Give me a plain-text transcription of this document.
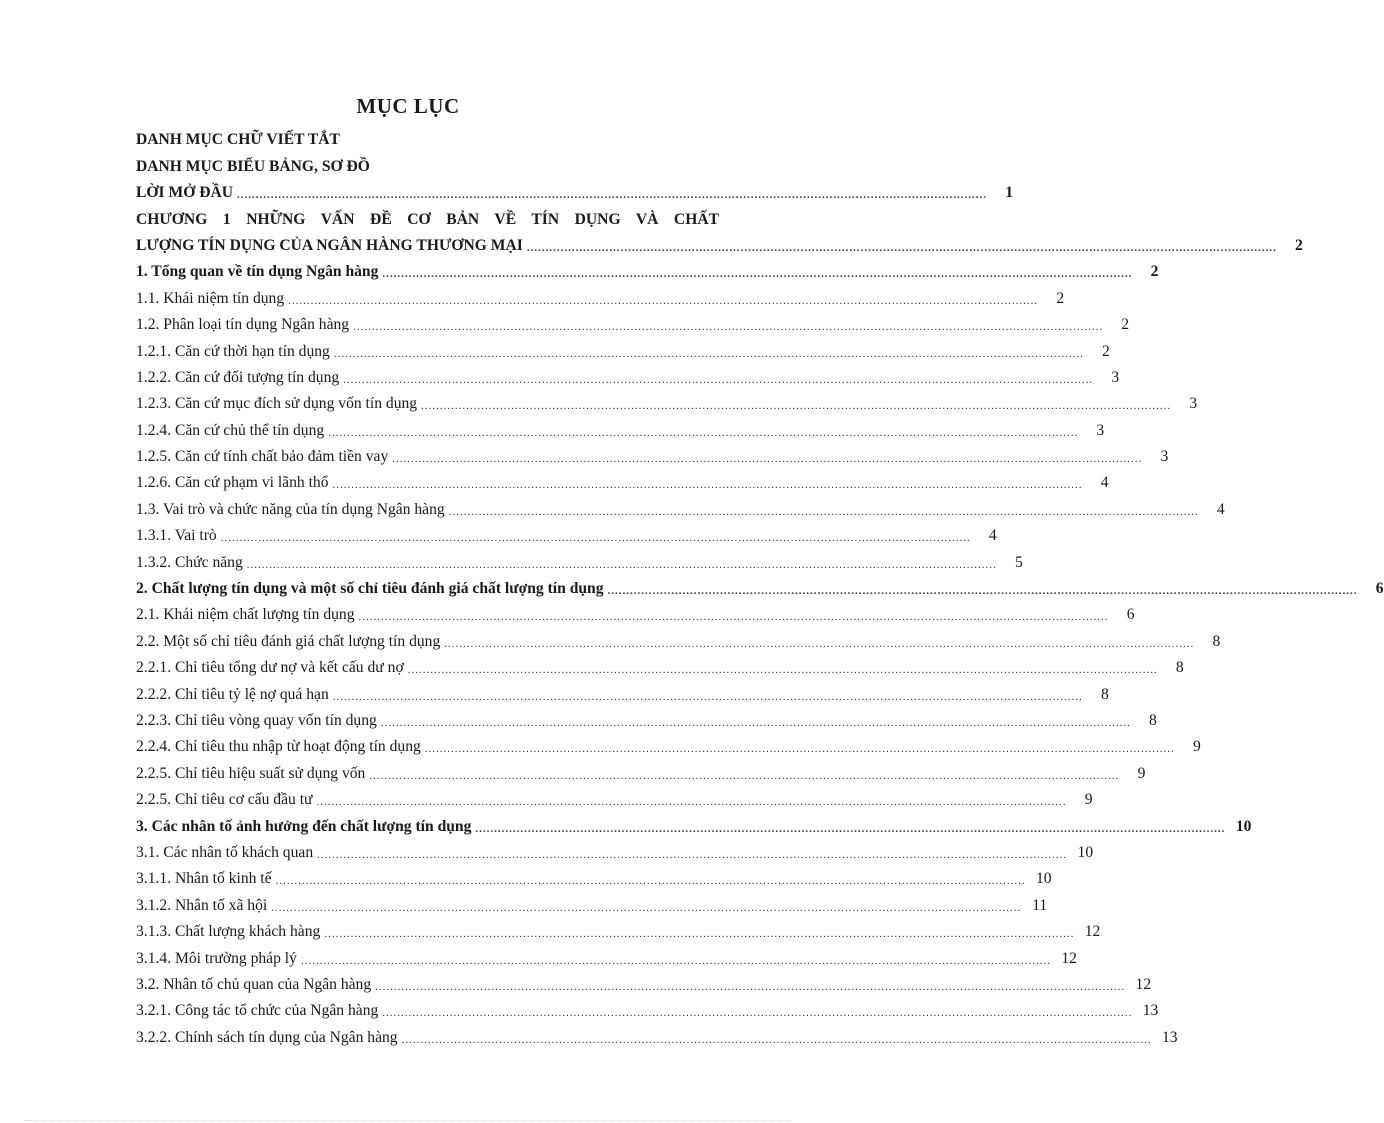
MỤC LỤC
DANH MỤC CHỮ VIẾT TẮT
DANH MỤC BIỂU BẢNG, SƠ ĐỒ
LỜI MỞ ĐẦU ........................................................................................................................................................................................................	1
CHƯƠNG 1 NHỮNG VẤN ĐỀ CƠ BẢN VỀ TÍN DỤNG VÀ CHẤT
LƯỢNG TÍN DỤNG CỦA NGÂN HÀNG THƯƠNG MẠI ........................................................................................................................................................................................................	2
1. Tổng quan về tín dụng Ngân hàng ........................................................................................................................................................................................................	2
1.1. Khái niệm tín dụng ........................................................................................................................................................................................................	2
1.2. Phân loại tín dụng Ngân hàng ........................................................................................................................................................................................................	2
1.2.1. Căn cứ thời hạn tín dụng ........................................................................................................................................................................................................	2
1.2.2. Căn cứ đối tượng tín dụng ........................................................................................................................................................................................................	3
1.2.3. Căn cứ mục đích sử dụng vốn tín dụng ........................................................................................................................................................................................................	3
1.2.4. Căn cứ chủ thể tín dụng ........................................................................................................................................................................................................	3
1.2.5. Căn cứ tính chất bảo đảm tiền vay ........................................................................................................................................................................................................	3
1.2.6. Căn cứ phạm vi lãnh thổ ........................................................................................................................................................................................................	4
1.3. Vai trò và chức năng của tín dụng Ngân hàng ........................................................................................................................................................................................................	4
1.3.1. Vai trò ........................................................................................................................................................................................................	4
1.3.2. Chức năng ........................................................................................................................................................................................................	5
2. Chất lượng tín dụng và một số chỉ tiêu đánh giá chất lượng tín dụng ........................................................................................................................................................................................................	6
2.1. Khái niệm chất lượng tín dụng ........................................................................................................................................................................................................	6
2.2. Một số chỉ tiêu đánh giá chất lượng tín dụng ........................................................................................................................................................................................................	8
2.2.1. Chỉ tiêu tổng dư nợ và kết cấu dư nợ ........................................................................................................................................................................................................	8
2.2.2. Chỉ tiêu tỷ lệ nợ quá hạn ........................................................................................................................................................................................................	8
2.2.3. Chỉ tiêu vòng quay vốn tín dụng ........................................................................................................................................................................................................	8
2.2.4. Chỉ tiêu thu nhập từ hoạt động tín dụng ........................................................................................................................................................................................................	9
2.2.5. Chỉ tiêu hiệu suất sử dụng vốn ........................................................................................................................................................................................................	9
2.2.5. Chỉ tiêu cơ cấu đầu tư ........................................................................................................................................................................................................	9
3. Các nhân tố ảnh hưởng đến chất lượng tín dụng ........................................................................................................................................................................................................ 10
3.1. Các nhân tố khách quan ........................................................................................................................................................................................................ 10
3.1.1. Nhân tố kinh tế ........................................................................................................................................................................................................ 10
3.1.2. Nhân tố xã hội ........................................................................................................................................................................................................ 11
3.1.3. Chất lượng khách hàng ........................................................................................................................................................................................................ 12
3.1.4. Môi trường pháp lý ........................................................................................................................................................................................................ 12
3.2. Nhân tố chủ quan của Ngân hàng ........................................................................................................................................................................................................ 12
3.2.1. Công tác tổ chức của Ngân hàng ........................................................................................................................................................................................................ 13
3.2.2. Chính sách tín dụng của Ngân hàng ........................................................................................................................................................................................................ 13
